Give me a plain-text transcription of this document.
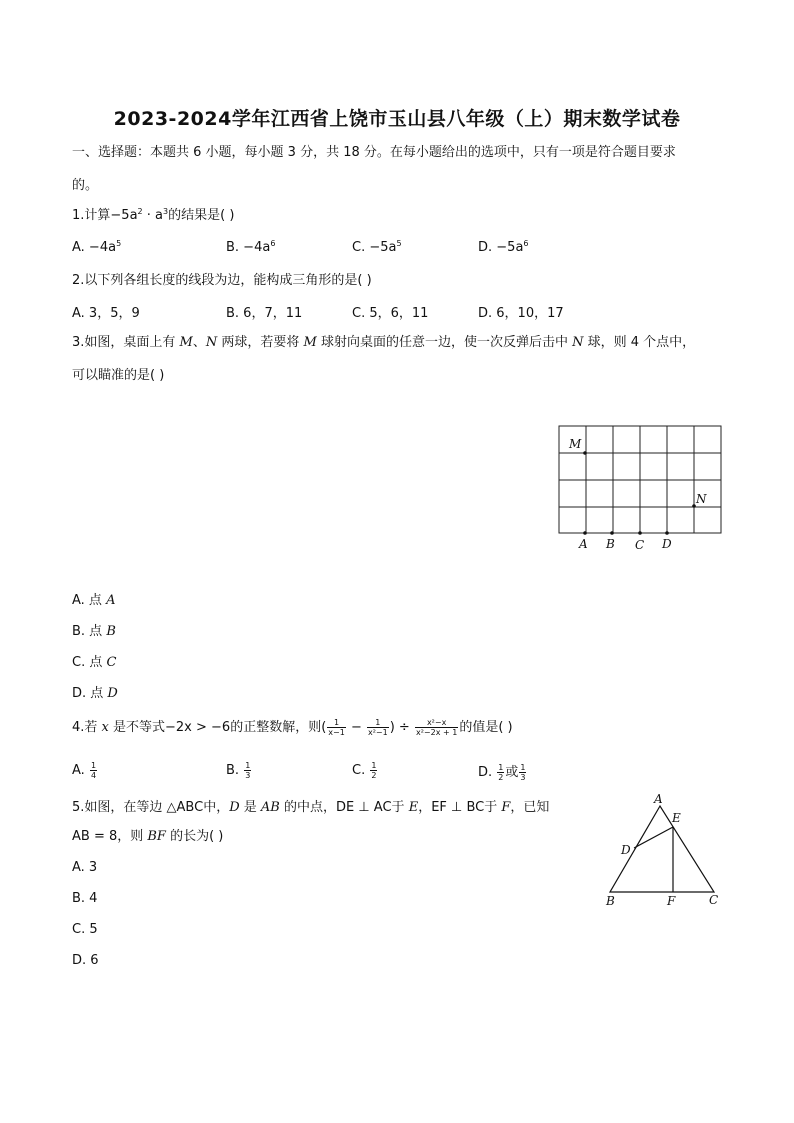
2023-2024学年江西省上饶市玉山县八年级（上）期末数学试卷
一、选择题：本题共 6 小题，每小题 3 分，共 18 分。在每小题给出的选项中，只有一项是符合题目要求
的。
1.计算$-5a^2 \cdot a^3$的结果是( )
A. $-4a^5$	B. $-4a^6$	C. $-5a^5$	D. $-5a^6$
2.以下列各组长度的线段为边，能构成三角形的是( )
A. 3，5，9	B. 6，7，11	C. 5，6，11	D. 6，10，17
3.如图，桌面上有 M、N 两球，若要将 M 球射向桌面的任意一边，使一次反弹后击中 N 球，则 4 个点中，
可以瞄准的是( )
M
N
A B C D
A. 点 A
B. 点 B
C. 点 C
D. 点 D
4.若 x 是不等式−2x > −6的正整数解，则( $\frac{1}{x-1} - \frac{1}{\text{x²−1}}$ ) ÷ $\frac{\text{x²−x}}{\text{x²−2x + 1}}$ 的值是( )
A. $\frac{1}{4}$	B. $\frac{1}{3}$	C. $\frac{1}{2}$	D. $\frac{1}{2}$ 或 $\frac{1}{3}$
5.如图，在等边 △ABC中，D 是 AB 的中点，DE ⊥ AC于 E，EF ⊥ BC于 F，已知
AB = 8，则 BF 的长为( )
A. 3
B. 4
C. 5
D. 6
A
B	C
D
E
F
